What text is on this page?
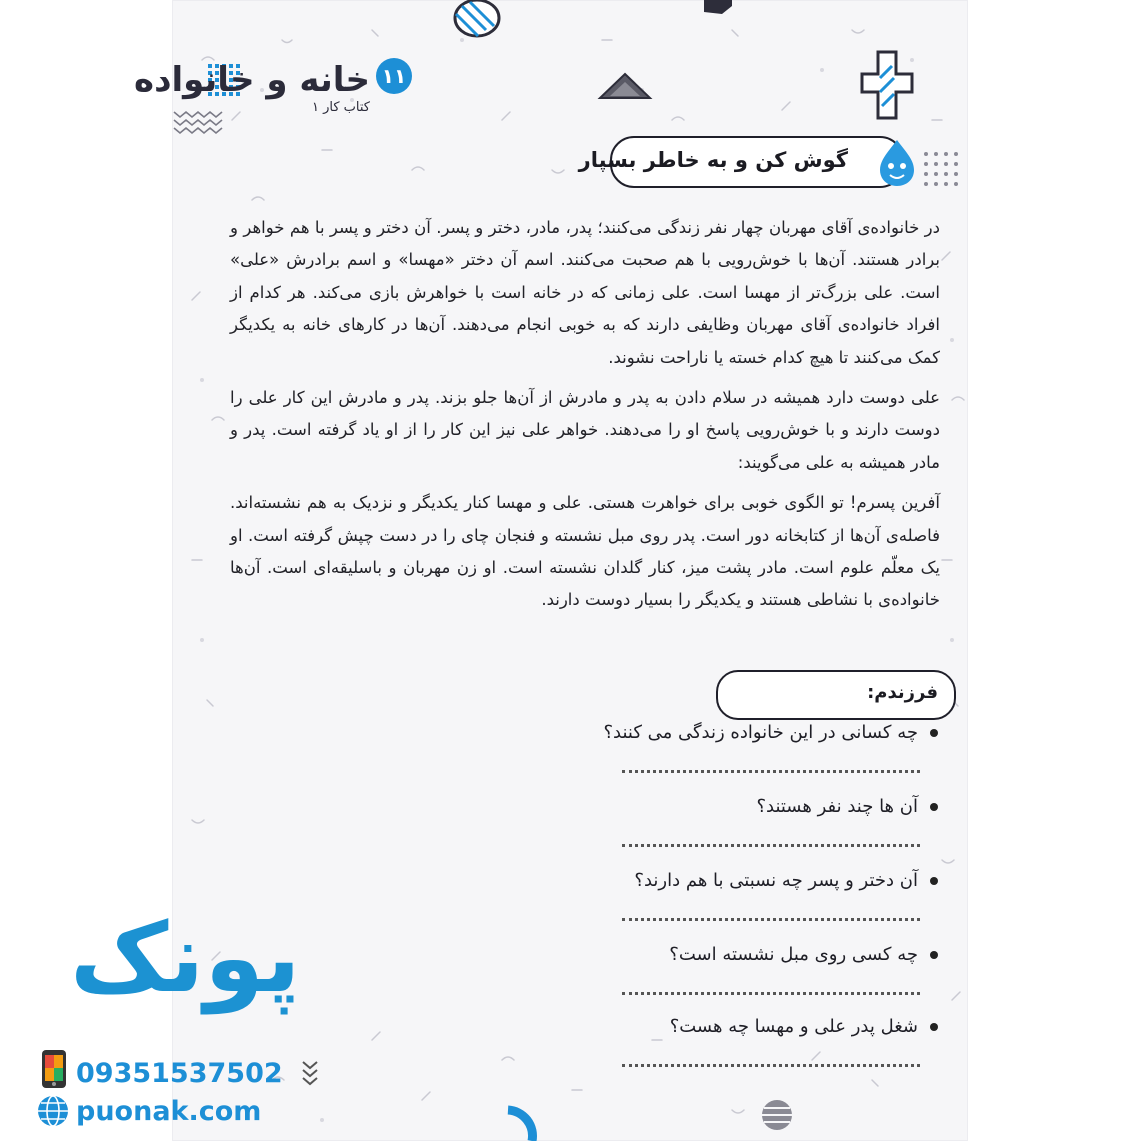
۱۱
خانه و خانواده
کتاب کار ۱
گوش کن و به خاطر بسپار

در خانواده‌ی آقای مهربان چهار نفر زندگی می‌کنند؛ پدر، مادر، دختر و پسر. آن دختر و پسر با هم خواهر و برادر هستند. آن‌ها با خوش‌رویی با هم صحبت می‌کنند. اسم آن دختر «مهسا» و اسم برادرش «علی» است. علی بزرگ‌تر از مهسا است. علی زمانی که در خانه است با خواهرش بازی می‌کند. هر کدام از افراد خانواده‌ی آقای مهربان وظایفی دارند که به خوبی انجام می‌دهند. آن‌ها در کارهای خانه به یکدیگر کمک می‌کنند تا هیچ کدام خسته یا ناراحت نشوند.

علی دوست دارد همیشه در سلام دادن به پدر و مادرش از آن‌ها جلو بزند. پدر و مادرش این کار علی را دوست دارند و با خوش‌رویی پاسخ او را می‌دهند. خواهر علی نیز این کار را از او یاد گرفته است. پدر و مادر همیشه به علی می‌گویند:

آفرین پسرم! تو الگوی خوبی برای خواهرت هستی. علی و مهسا کنار یکدیگر و نزدیک به هم نشسته‌اند. فاصله‌ی آن‌ها از کتابخانه دور است. پدر روی مبل نشسته و فنجان چای را در دست چپش گرفته است. او یک معلّم علوم است. مادر پشت میز، کنار گلدان نشسته است. او زن مهربان و باسلیقه‌ای است. آن‌ها خانواده‌ی با نشاطی هستند و یکدیگر را بسیار دوست دارند.

فرزندم:
چه کسانی در این خانواده زندگی می کنند؟
آن ها چند نفر هستند؟
آن دختر و پسر چه نسبتی با هم دارند؟
چه کسی روی مبل نشسته است؟
شغل پدر علی و مهسا چه هست؟
پونک
09351537502
puonak.com
